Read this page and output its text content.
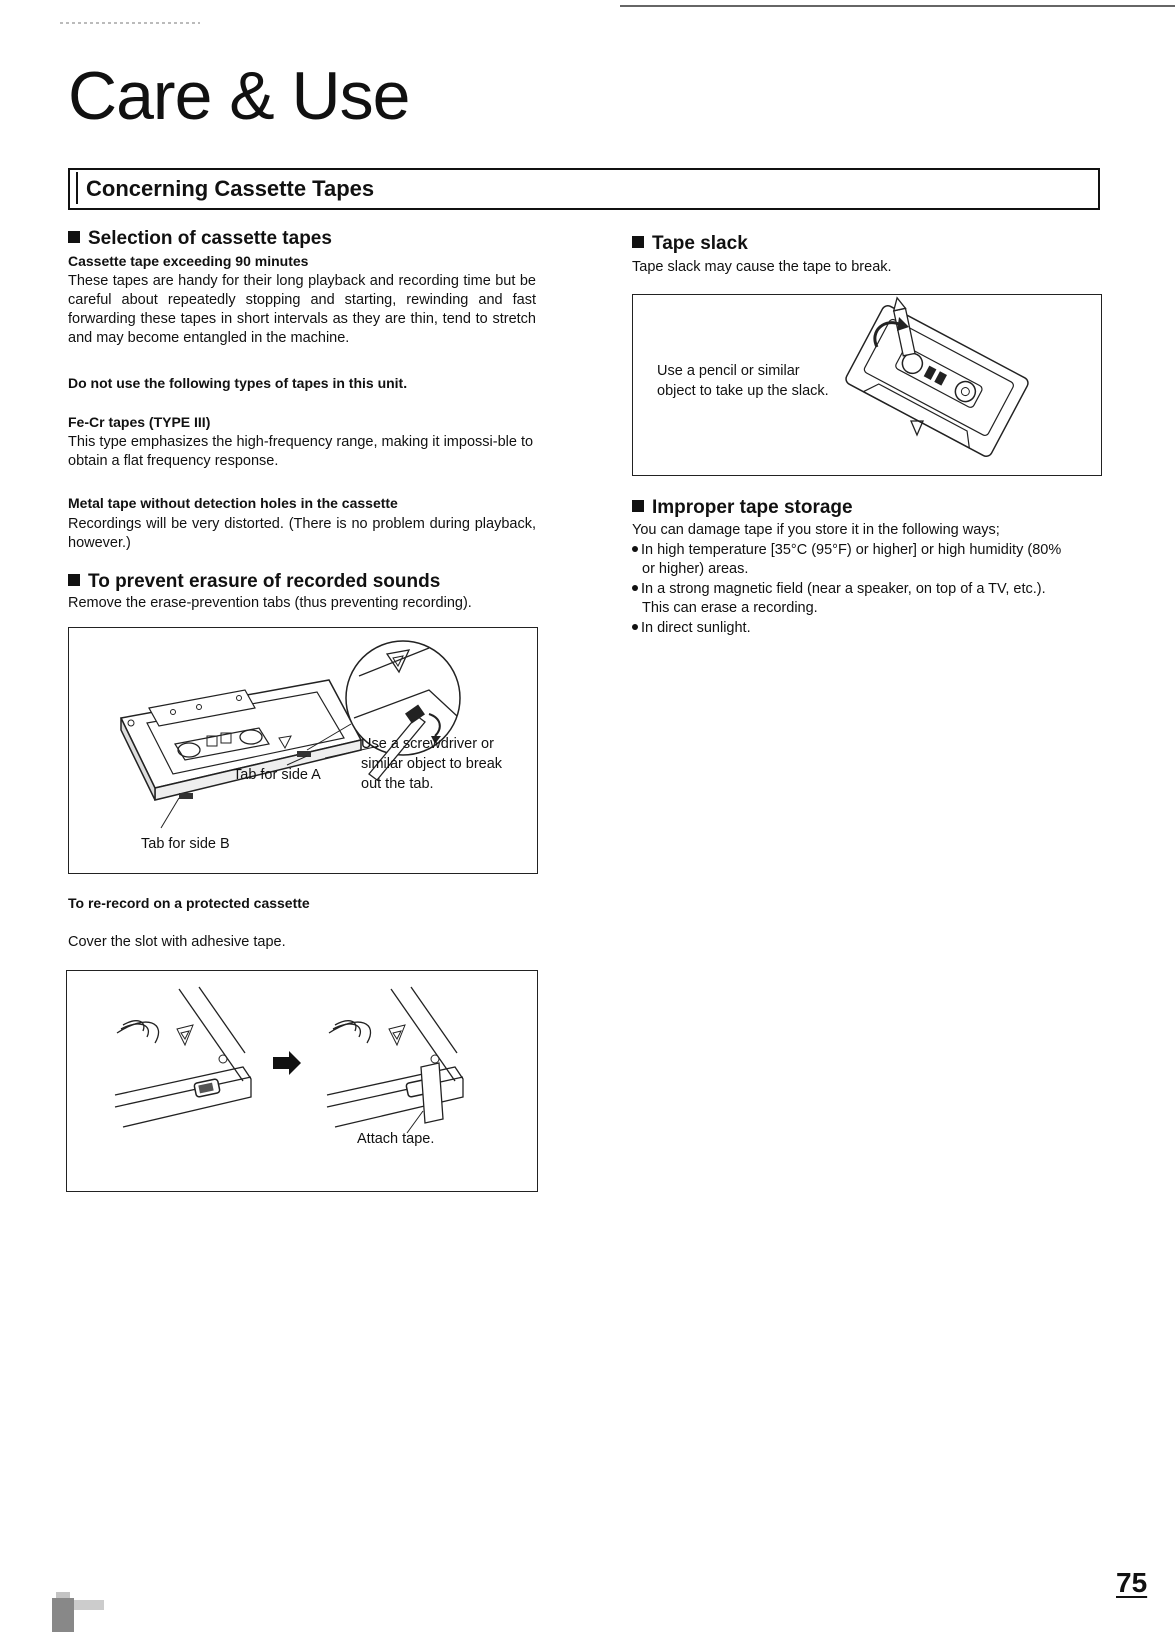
Care & Use
Concerning Cassette Tapes
Selection of cassette tapes
Cassette tape exceeding 90 minutes
These tapes are handy for their long playback and recording time but be careful about repeatedly stopping and starting, rewinding and fast forwarding these tapes in short intervals as they are thin, tend to stretch and may become entangled in the machine.
Do not use the following types of tapes in this unit.
Fe-Cr tapes (TYPE III)
This type emphasizes the high-frequency range, making it impossi-ble to obtain a flat frequency response.
Metal tape without detection holes in the cassette
Recordings will be very distorted. (There is no problem during playback, however.)
To prevent erasure of recorded sounds
Remove the erase-prevention tabs (thus preventing recording).
Tab for side A
Tab for side B
Use a screwdriver or similar object to break out the tab.
To re-record on a protected cassette
Cover the slot with adhesive tape.
Attach tape.
Tape slack
Tape slack may cause the tape to break.
Use a pencil or similar object to take up the slack.
Improper tape storage
You can damage tape if you store it in the following ways;
In high temperature [35°C (95°F) or higher] or high humidity (80%
or higher) areas.
In a strong magnetic field (near a speaker, on top of a TV, etc.).
This can erase a recording.
In direct sunlight.
75
